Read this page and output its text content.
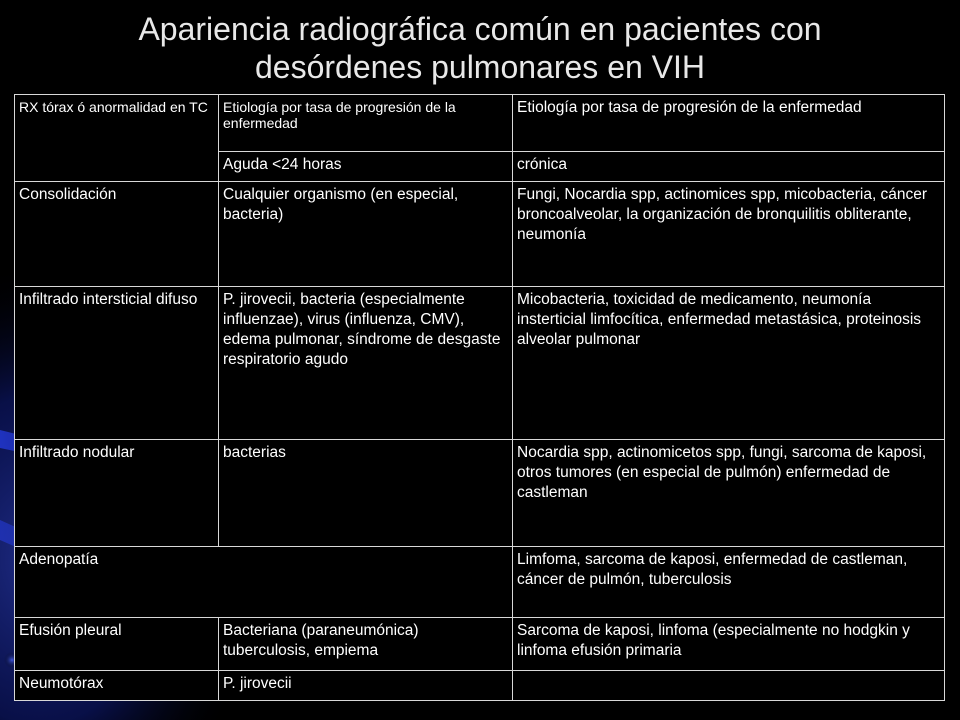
Apariencia radiográfica común en pacientes con
desórdenes pulmonares en VIH
RX tórax ó anormalidad en TC	Etiología por tasa de progresión de la enfermedad	Etiología por tasa de progresión de la enfermedad
	Aguda <24 horas	crónica
Consolidación	Cualquier organismo (en especial, bacteria)	Fungi, Nocardia spp, actinomices spp, micobacteria, cáncer broncoalveolar, la organización de bronquilitis obliterante, neumonía
Infiltrado intersticial difuso	P. jirovecii, bacteria (especialmente influenzae), virus (influenza, CMV), edema pulmonar, síndrome de desgaste respiratorio agudo	Micobacteria, toxicidad de medicamento, neumonía insterticial limfocítica, enfermedad metastásica, proteinosis alveolar pulmonar
Infiltrado nodular	bacterias	Nocardia spp, actinomicetos spp, fungi, sarcoma de kaposi, otros tumores (en especial de pulmón) enfermedad de castleman
Adenopatía		Limfoma, sarcoma de kaposi, enfermedad de castleman, cáncer de pulmón, tuberculosis
Efusión pleural	Bacteriana (paraneumónica) tuberculosis, empiema	Sarcoma de kaposi, linfoma (especialmente no hodgkin y linfoma efusión primaria
Neumotórax	P. jirovecii	
